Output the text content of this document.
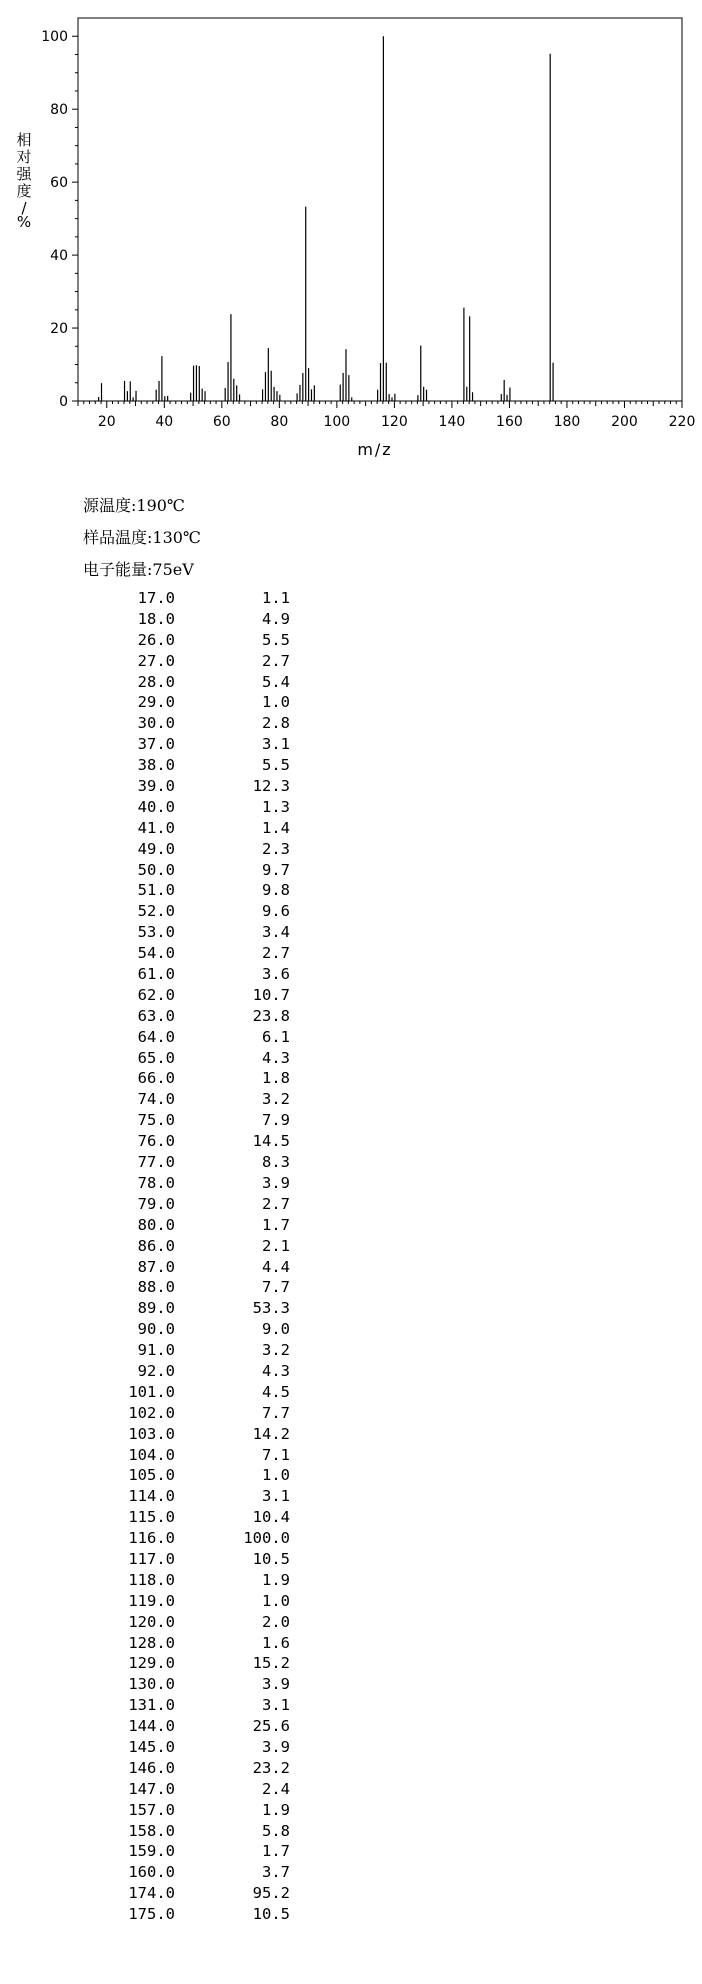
0
20
40
60
80
100
20	40	60	80	100 120 140 160 180 200 220
m/z
相对强度/ %
源温度:190℃
样品温度:130℃
电子能量:75eV
17.0	1.1
18.0	4.9
26.0	5.5
27.0	2.7
28.0	5.4
29.0	1.0
30.0	2.8
37.0	3.1
38.0	5.5
39.0	12.3
40.0	1.3
41.0	1.4
49.0	2.3
50.0	9.7
51.0	9.8
52.0	9.6
53.0	3.4
54.0	2.7
61.0	3.6
62.0	10.7
63.0	23.8
64.0	6.1
65.0	4.3
66.0	1.8
74.0	3.2
75.0	7.9
76.0	14.5
77.0	8.3
78.0	3.9
79.0	2.7
80.0	1.7
86.0	2.1
87.0	4.4
88.0	7.7
89.0	53.3
90.0	9.0
91.0	3.2
92.0	4.3
101.0	4.5
102.0	7.7
103.0	14.2
104.0	7.1
105.0	1.0
114.0	3.1
115.0	10.4
116.0	100.0
117.0	10.5
118.0	1.9
119.0	1.0
120.0	2.0
128.0	1.6
129.0	15.2
130.0	3.9
131.0	3.1
144.0	25.6
145.0	3.9
146.0	23.2
147.0	2.4
157.0	1.9
158.0	5.8
159.0	1.7
160.0	3.7
174.0	95.2
175.0	10.5
